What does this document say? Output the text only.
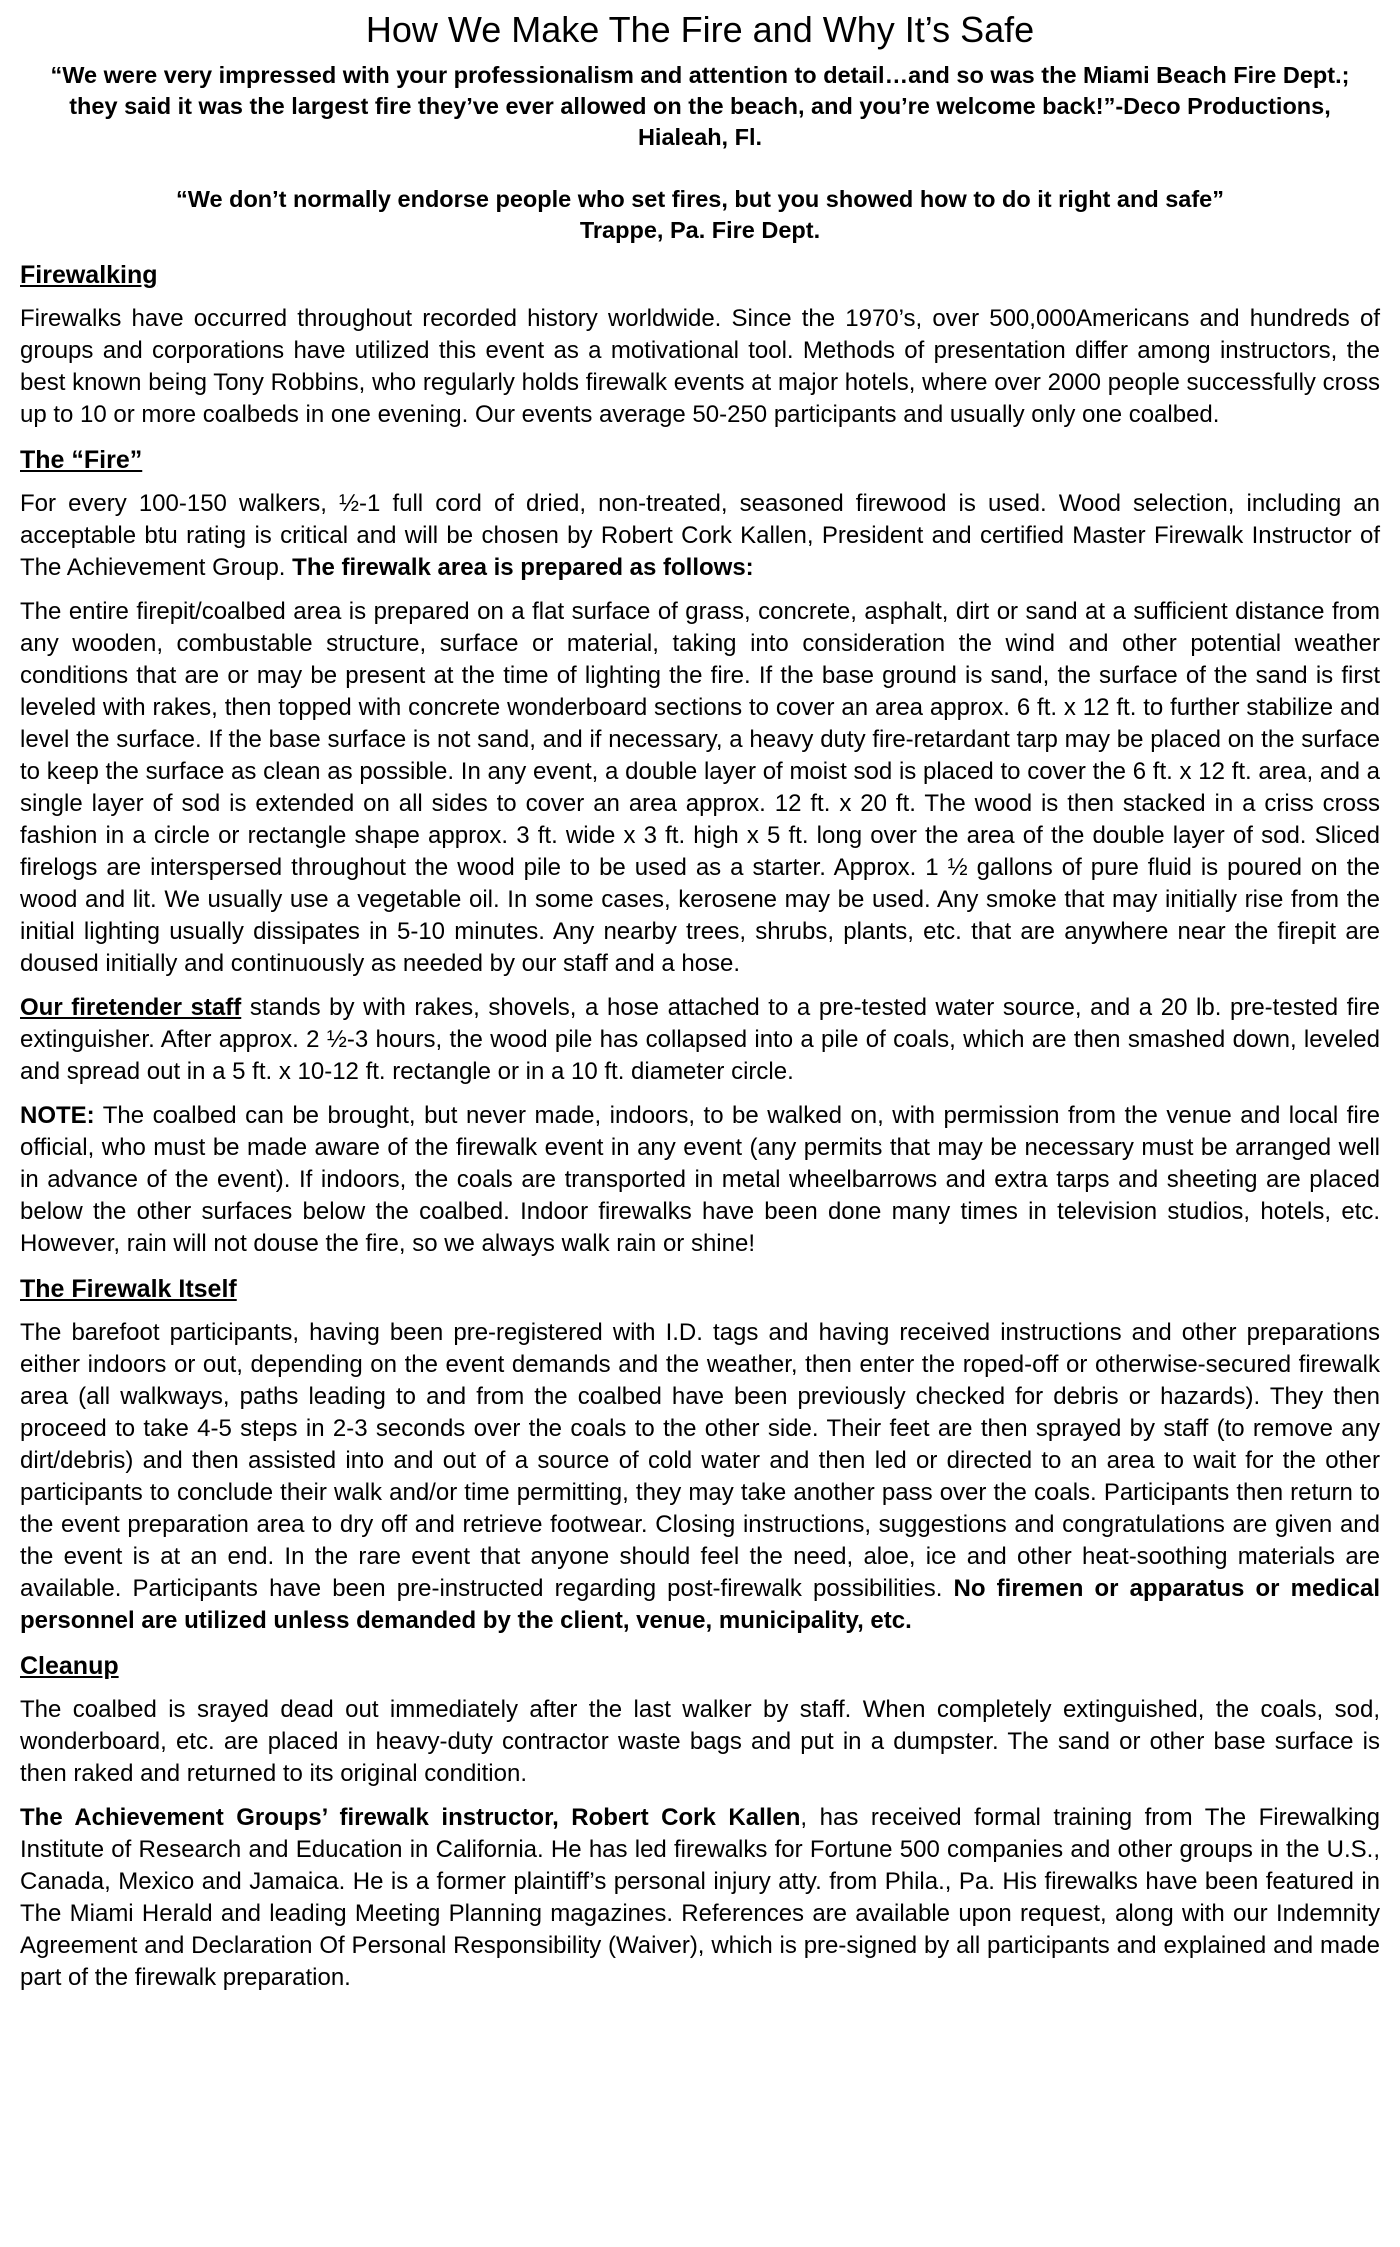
How We Make The Fire and Why It’s Safe
“We were very impressed with your professionalism and attention to detail…and so was the Miami Beach Fire Dept.; they said it was the largest fire they’ve ever allowed on the beach, and you’re welcome back!”-Deco Productions, Hialeah, Fl.
“We don’t normally endorse people who set fires, but you showed how to do it right and safe”
Trappe, Pa. Fire Dept.
Firewalking

Firewalks have occurred throughout recorded history worldwide. Since the 1970’s, over 500,000Americans and hundreds of groups and corporations have utilized this event as a motivational tool. Methods of presentation differ among instructors, the best known being Tony Robbins, who regularly holds firewalk events at major hotels, where over 2000 people successfully cross up to 10 or more coalbeds in one evening. Our events average 50-250 participants and usually only one coalbed.

The “Fire”

For every 100-150 walkers, ½-1 full cord of dried, non-treated, seasoned firewood is used. Wood selection, including an acceptable btu rating is critical and will be chosen by Robert Cork Kallen, President and certified Master Firewalk Instructor of The Achievement Group. The firewalk area is prepared as follows:

The entire firepit/coalbed area is prepared on a flat surface of grass, concrete, asphalt, dirt or sand at a sufficient distance from any wooden, combustable structure, surface or material, taking into consideration the wind and other potential weather conditions that are or may be present at the time of lighting the fire. If the base ground is sand, the surface of the sand is first leveled with rakes, then topped with concrete wonderboard sections to cover an area approx. 6 ft. x 12 ft. to further stabilize and level the surface. If the base surface is not sand, and if necessary, a heavy duty fire-retardant tarp may be placed on the surface to keep the surface as clean as possible. In any event, a double layer of moist sod is placed to cover the 6 ft. x 12 ft. area, and a single layer of sod is extended on all sides to cover an area approx. 12 ft. x 20 ft. The wood is then stacked in a criss cross fashion in a circle or rectangle shape approx. 3 ft. wide x 3 ft. high x 5 ft. long over the area of the double layer of sod. Sliced firelogs are interspersed throughout the wood pile to be used as a starter. Approx. 1 ½ gallons of pure fluid is poured on the wood and lit. We usually use a vegetable oil. In some cases, kerosene may be used. Any smoke that may initially rise from the initial lighting usually dissipates in 5-10 minutes. Any nearby trees, shrubs, plants, etc. that are anywhere near the firepit are doused initially and continuously as needed by our staff and a hose.

Our firetender staff stands by with rakes, shovels, a hose attached to a pre-tested water source, and a 20 lb. pre-tested fire extinguisher. After approx. 2 ½-3 hours, the wood pile has collapsed into a pile of coals, which are then smashed down, leveled and spread out in a 5 ft. x 10-12 ft. rectangle or in a 10 ft. diameter circle.

NOTE: The coalbed can be brought, but never made, indoors, to be walked on, with permission from the venue and local fire official, who must be made aware of the firewalk event in any event (any permits that may be necessary must be arranged well in advance of the event). If indoors, the coals are transported in metal wheelbarrows and extra tarps and sheeting are placed below the other surfaces below the coalbed. Indoor firewalks have been done many times in television studios, hotels, etc. However, rain will not douse the fire, so we always walk rain or shine!

The Firewalk Itself

The barefoot participants, having been pre-registered with I.D. tags and having received instructions and other preparations either indoors or out, depending on the event demands and the weather, then enter the roped-off or otherwise-secured firewalk area (all walkways, paths leading to and from the coalbed have been previously checked for debris or hazards). They then proceed to take 4-5 steps in 2-3 seconds over the coals to the other side. Their feet are then sprayed by staff (to remove any dirt/debris) and then assisted into and out of a source of cold water and then led or directed to an area to wait for the other participants to conclude their walk and/or time permitting, they may take another pass over the coals. Participants then return to the event preparation area to dry off and retrieve footwear. Closing instructions, suggestions and congratulations are given and the event is at an end. In the rare event that anyone should feel the need, aloe, ice and other heat-soothing materials are available. Participants have been pre-instructed regarding post-firewalk possibilities. No firemen or apparatus or medical personnel are utilized unless demanded by the client, venue, municipality, etc.

Cleanup

The coalbed is srayed dead out immediately after the last walker by staff. When completely extinguished, the coals, sod, wonderboard, etc. are placed in heavy-duty contractor waste bags and put in a dumpster. The sand or other base surface is then raked and returned to its original condition.

The Achievement Groups’ firewalk instructor, Robert Cork Kallen, has received formal training from The Firewalking Institute of Research and Education in California. He has led firewalks for Fortune 500 companies and other groups in the U.S., Canada, Mexico and Jamaica. He is a former plaintiff’s personal injury atty. from Phila., Pa. His firewalks have been featured in The Miami Herald and leading Meeting Planning magazines. References are available upon request, along with our Indemnity Agreement and Declaration Of Personal Responsibility (Waiver), which is pre-signed by all participants and explained and made part of the firewalk preparation.
